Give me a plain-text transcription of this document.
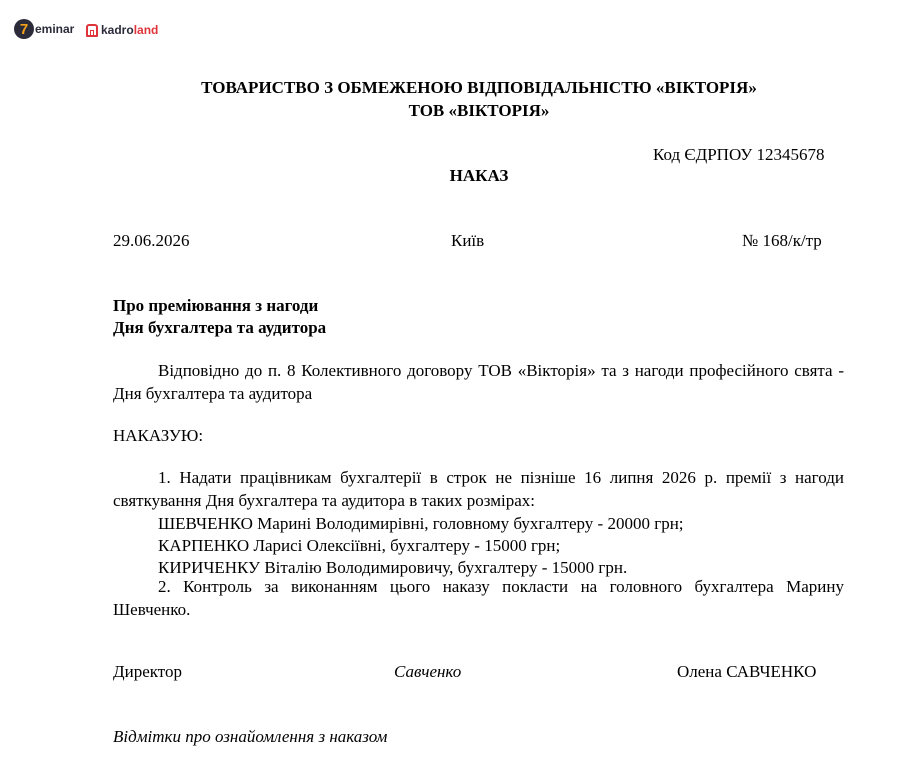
7 eminar kadro land
ТОВАРИСТВО З ОБМЕЖЕНОЮ ВІДПОВІДАЛЬНІСТЮ «ВІКТОРІЯ»
ТОВ «ВІКТОРІЯ»
Код ЄДРПОУ 12345678
НАКАЗ
29.06.2026	Київ	№ 168/к/тр
Про преміювання з нагоди
Дня бухгалтера та аудитора
Відповідно до п. 8 Колективного договору ТОВ «Вікторія» та з нагоди професійного свята - Дня бухгалтера та аудитора
НАКАЗУЮ:
1. Надати працівникам бухгалтерії в строк не пізніше 16 липня 2026 р. премії з нагоди
святкування Дня бухгалтера та аудитора в таких розмірах:
ШЕВЧЕНКО Марині Володимирівні, головному бухгалтеру - 20000 грн;
КАРПЕНКО Ларисі Олексіївні, бухгалтеру - 15000 грн;
КИРИЧЕНКУ Віталію Володимировичу, бухгалтеру - 15000 грн.
2. Контроль за виконанням цього наказу покласти на головного бухгалтера Марину
Шевченко.
Директор	Савченко	Олена САВЧЕНКО
Відмітки про ознайомлення з наказом
